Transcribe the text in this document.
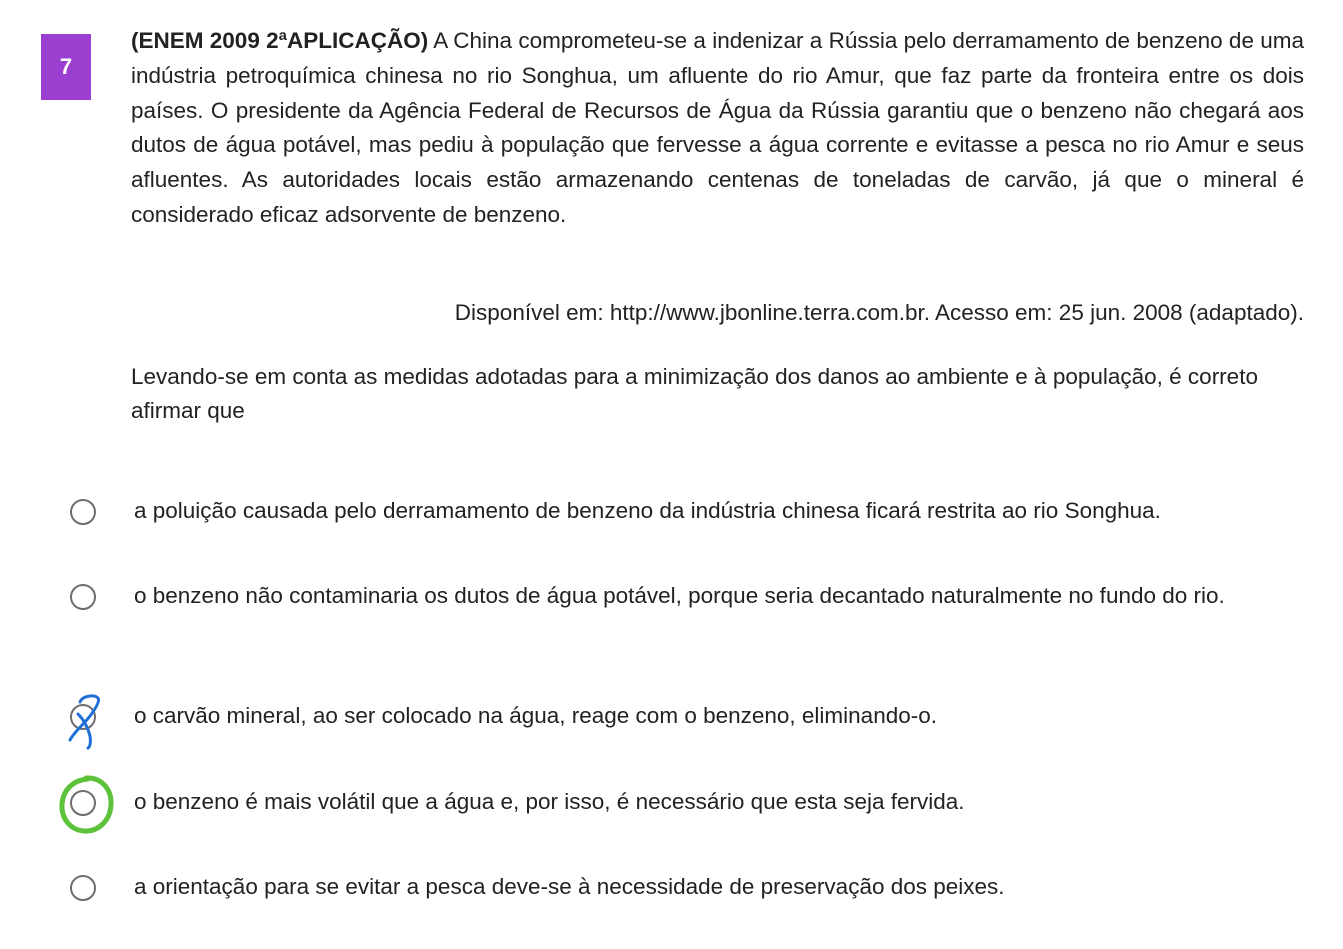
7

(ENEM 2009 2ªAPLICAÇÃO) A China comprometeu-se a indenizar a Rússia pelo derramamento de benzeno de uma indústria petroquímica chinesa no rio Songhua, um afluente do rio Amur, que faz parte da fronteira entre os dois países. O presidente da Agência Federal de Recursos de Água da Rússia garantiu que o benzeno não chegará aos dutos de água potável, mas pediu à população que fervesse a água corrente e evitasse a pesca no rio Amur e seus afluentes. As autoridades locais estão armazenando centenas de toneladas de carvão, já que o mineral é considerado eficaz adsorvente de benzeno.

Disponível em: http://www.jbonline.terra.com.br. Acesso em: 25 jun. 2008 (adaptado).

Levando-se em conta as medidas adotadas para a minimização dos danos ao ambiente e à população, é correto afirmar que

a poluição causada pelo derramamento de benzeno da indústria chinesa ficará restrita ao rio Songhua.

o benzeno não contaminaria os dutos de água potável, porque seria decantado naturalmente no fundo do rio.

o carvão mineral, ao ser colocado na água, reage com o benzeno, eliminando-o.

o benzeno é mais volátil que a água e, por isso, é necessário que esta seja fervida.

a orientação para se evitar a pesca deve-se à necessidade de preservação dos peixes.
